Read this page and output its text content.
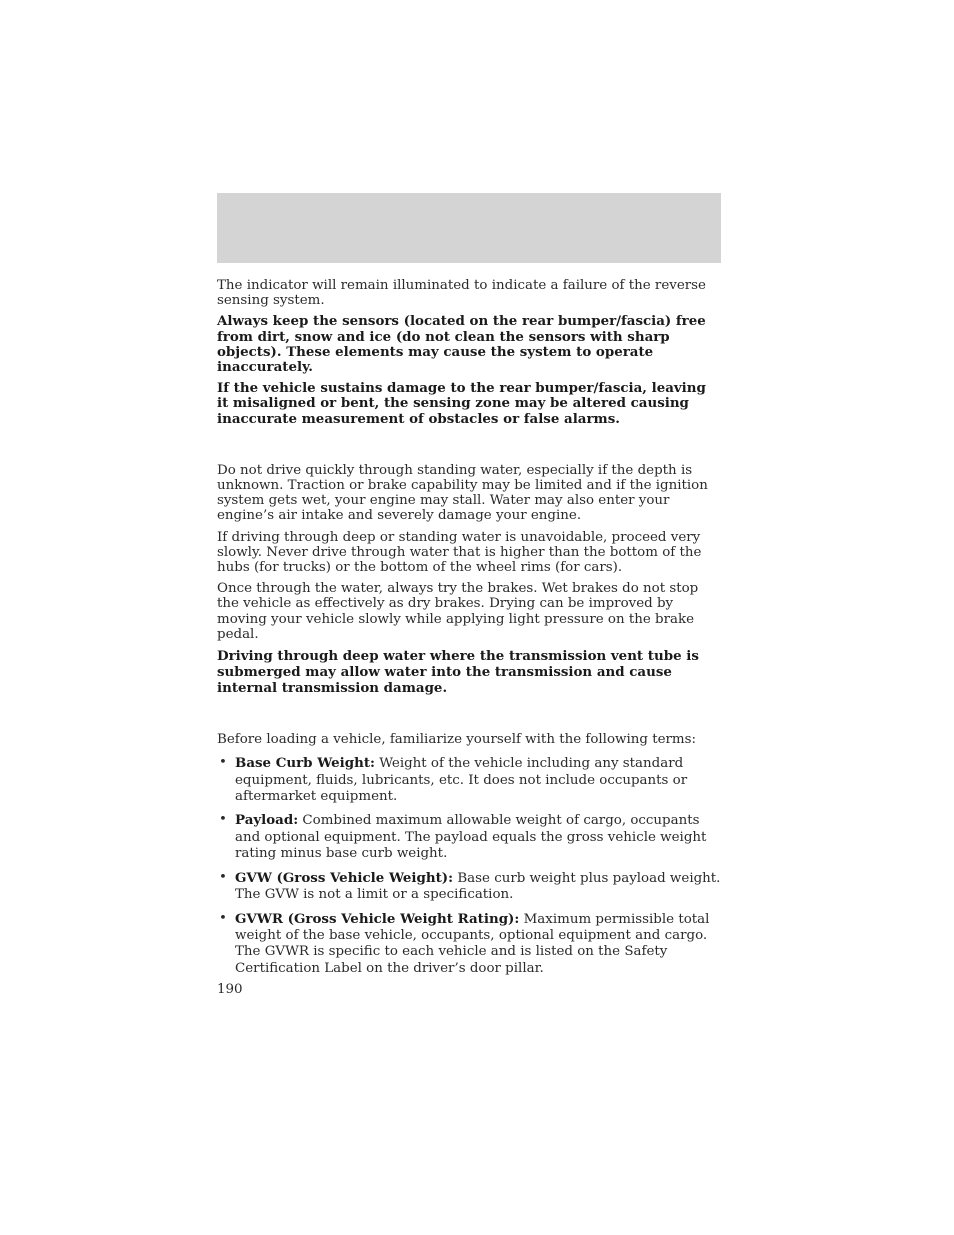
The indicator will remain illuminated to indicate a failure of the reverse sensing system.

Always keep the sensors (located on the rear bumper/fascia) free from dirt, snow and ice (do not clean the sensors with sharp objects). These elements may cause the system to operate inaccurately.

If the vehicle sustains damage to the rear bumper/fascia, leaving it misaligned or bent, the sensing zone may be altered causing inaccurate measurement of obstacles or false alarms.

Do not drive quickly through standing water, especially if the depth is unknown. Traction or brake capability may be limited and if the ignition system gets wet, your engine may stall. Water may also enter your engine’s air intake and severely damage your engine.

If driving through deep or standing water is unavoidable, proceed very slowly. Never drive through water that is higher than the bottom of the hubs (for trucks) or the bottom of the wheel rims (for cars).

Once through the water, always try the brakes. Wet brakes do not stop the vehicle as effectively as dry brakes. Drying can be improved by moving your vehicle slowly while applying light pressure on the brake pedal.

Driving through deep water where the transmission vent tube is submerged may allow water into the transmission and cause internal transmission damage.

Before loading a vehicle, familiarize yourself with the following terms:

• Base Curb Weight: Weight of the vehicle including any standard equipment, fluids, lubricants, etc. It does not include occupants or aftermarket equipment.
• Payload: Combined maximum allowable weight of cargo, occupants and optional equipment. The payload equals the gross vehicle weight rating minus base curb weight.
• GVW (Gross Vehicle Weight): Base curb weight plus payload weight. The GVW is not a limit or a specification.
• GVWR (Gross Vehicle Weight Rating): Maximum permissible total weight of the base vehicle, occupants, optional equipment and cargo. The GVWR is specific to each vehicle and is listed on the Safety Certification Label on the driver’s door pillar.
190
